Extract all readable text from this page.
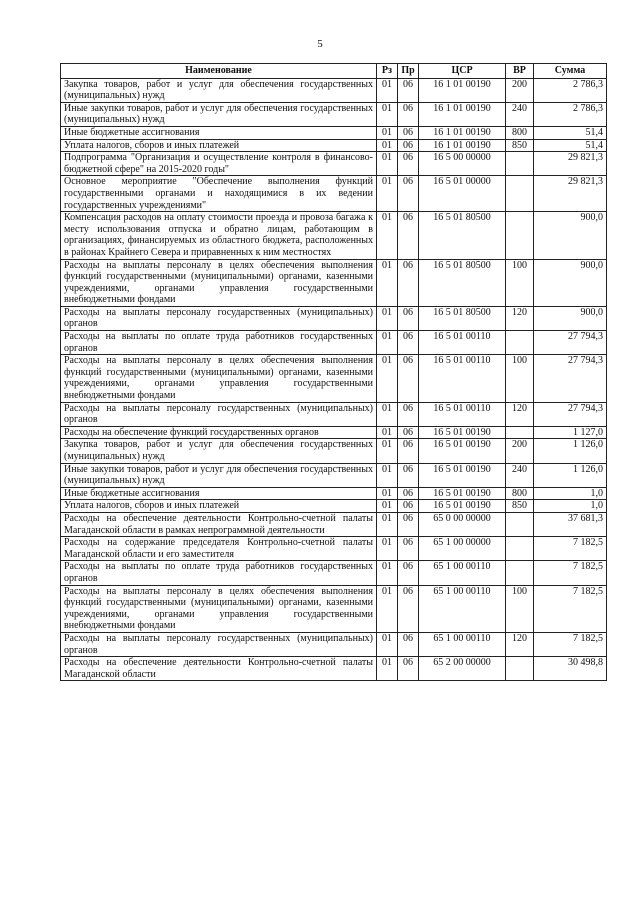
5
Наименование	Рз	Пр	ЦСР	ВР	Сумма
Закупка товаров, работ и услуг для обеспечения государственных (муниципальных) нужд	01	06	16 1 01 00190	200	2 786,3
Иные закупки товаров, работ и услуг для обеспечения государственных (муниципальных) нужд	01	06	16 1 01 00190	240	2 786,3
Иные бюджетные ассигнования	01	06	16 1 01 00190	800	51,4
Уплата налогов, сборов и иных платежей	01	06	16 1 01 00190	850	51,4
Подпрограмма "Организация и осуществление контроля в финансово-бюджетной сфере" на 2015-2020 годы"	01	06	16 5 00 00000		29 821,3
Основное мероприятие "Обеспечение выполнения функций государственными органами и находящимися в их ведении государственных учреждениями"	01	06	16 5 01 00000		29 821,3
Компенсация расходов на оплату стоимости проезда и провоза багажа к месту использования отпуска и обратно лицам, работающим в организациях, финансируемых из областного бюджета, расположенных в районах Крайнего Севера и приравненных к ним местностях	01	06	16 5 01 80500		900,0
Расходы на выплаты персоналу в целях обеспечения выполнения функций государственными (муниципальными) органами, казенными учреждениями, органами управления государственными внебюджетными фондами	01	06	16 5 01 80500	100	900,0
Расходы на выплаты персоналу государственных (муниципальных) органов	01	06	16 5 01 80500	120	900,0
Расходы на выплаты по оплате труда работников государственных органов	01	06	16 5 01 00110		27 794,3
Расходы на выплаты персоналу в целях обеспечения выполнения функций государственными (муниципальными) органами, казенными учреждениями, органами управления государственными внебюджетными фондами	01	06	16 5 01 00110	100	27 794,3
Расходы на выплаты персоналу государственных (муниципальных) органов	01	06	16 5 01 00110	120	27 794,3
Расходы на обеспечение функций государственных органов	01	06	16 5 01 00190		1 127,0
Закупка товаров, работ и услуг для обеспечения государственных (муниципальных) нужд	01	06	16 5 01 00190	200	1 126,0
Иные закупки товаров, работ и услуг для обеспечения государственных (муниципальных) нужд	01	06	16 5 01 00190	240	1 126,0
Иные бюджетные ассигнования	01	06	16 5 01 00190	800	1,0
Уплата налогов, сборов и иных платежей	01	06	16 5 01 00190	850	1,0
Расходы на обеспечение деятельности Контрольно-счетной палаты Магаданской области в рамках непрограммной деятельности	01	06	65 0 00 00000		37 681,3
Расходы на содержание председателя Контрольно-счетной палаты Магаданской области и его заместителя	01	06	65 1 00 00000		7 182,5
Расходы на выплаты по оплате труда работников государственных органов	01	06	65 1 00 00110		7 182,5
Расходы на выплаты персоналу в целях обеспечения выполнения функций государственными (муниципальными) органами, казенными учреждениями, органами управления государственными внебюджетными фондами	01	06	65 1 00 00110	100	7 182,5
Расходы на выплаты персоналу государственных (муниципальных) органов	01	06	65 1 00 00110	120	7 182,5
Расходы на обеспечение деятельности Контрольно-счетной палаты Магаданской области	01	06	65 2 00 00000		30 498,8
